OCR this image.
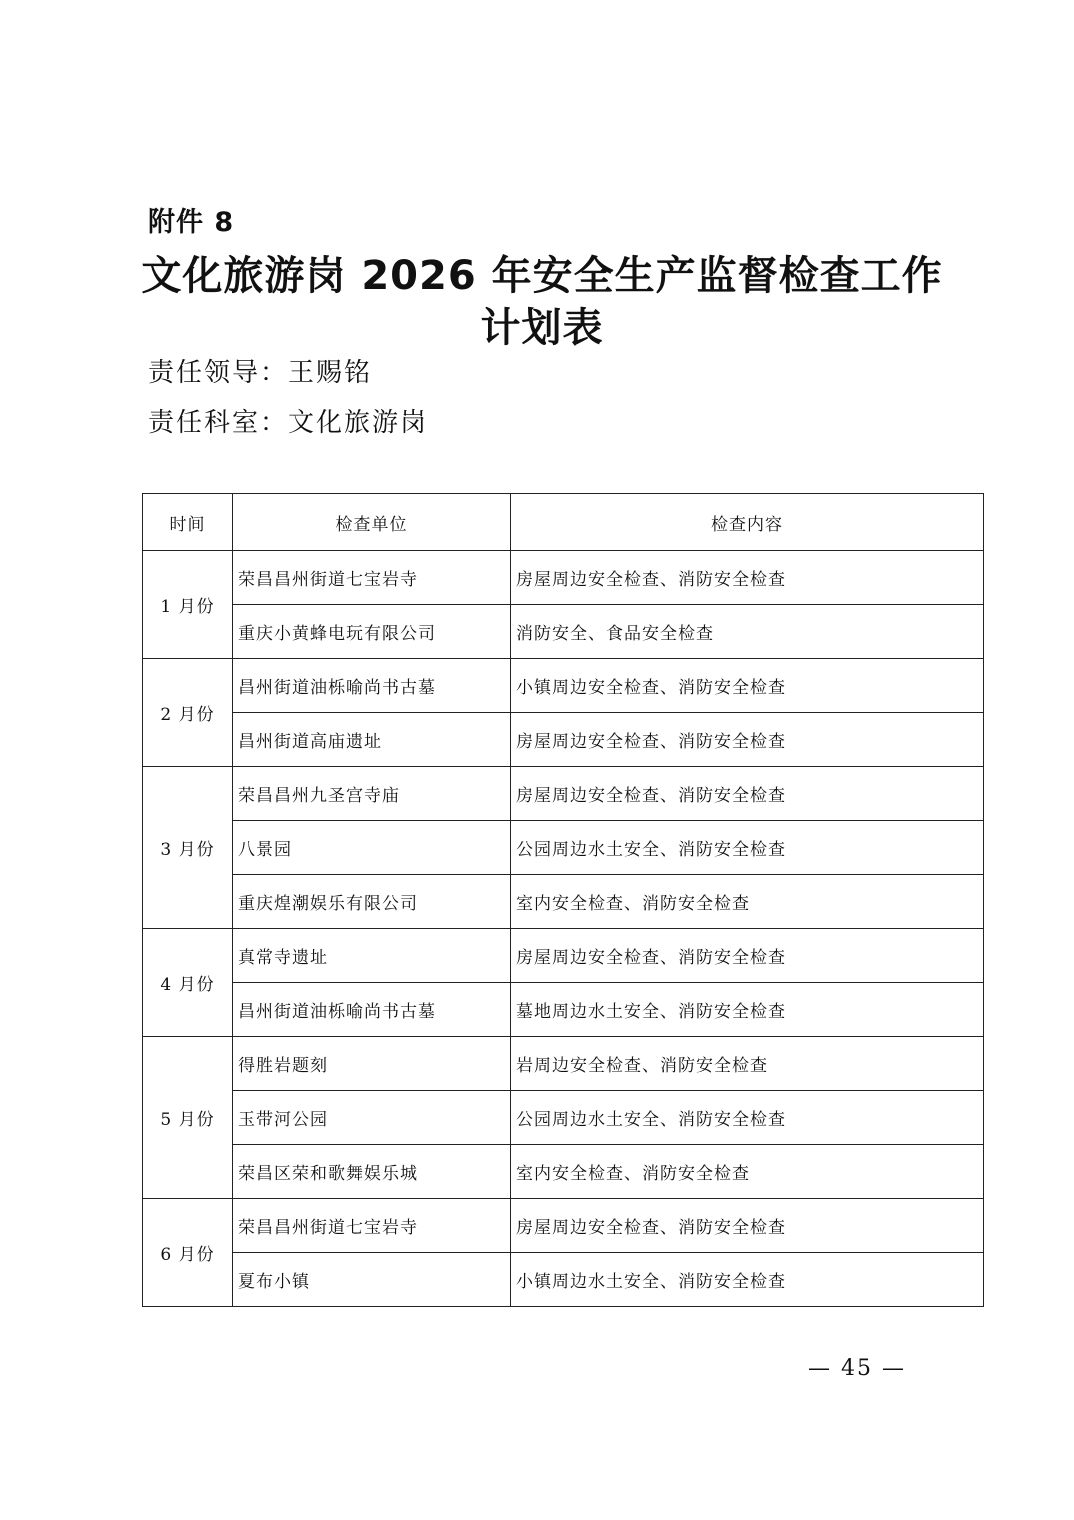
附件 8
文化旅游岗 2026 年安全生产监督检查工作
计划表
责任领导：王赐铭
责任科室：文化旅游岗
时间	检查单位	检查内容
1 月份	荣昌昌州街道七宝岩寺	房屋周边安全检查、消防安全检查
	重庆小黄蜂电玩有限公司	消防安全、食品安全检查
2 月份	昌州街道油栎喻尚书古墓	小镇周边安全检查、消防安全检查
	昌州街道高庙遗址	房屋周边安全检查、消防安全检查
3 月份	荣昌昌州九圣宫寺庙	房屋周边安全检查、消防安全检查
	八景园	公园周边水土安全、消防安全检查
	重庆煌潮娱乐有限公司	室内安全检查、消防安全检查
4 月份	真常寺遗址	房屋周边安全检查、消防安全检查
	昌州街道油栎喻尚书古墓	墓地周边水土安全、消防安全检查
5 月份	得胜岩题刻	岩周边安全检查、消防安全检查
	玉带河公园	公园周边水土安全、消防安全检查
	荣昌区荣和歌舞娱乐城	室内安全检查、消防安全检查
6 月份	荣昌昌州街道七宝岩寺	房屋周边安全检查、消防安全检查
	夏布小镇	小镇周边水土安全、消防安全检查
— 45 —
